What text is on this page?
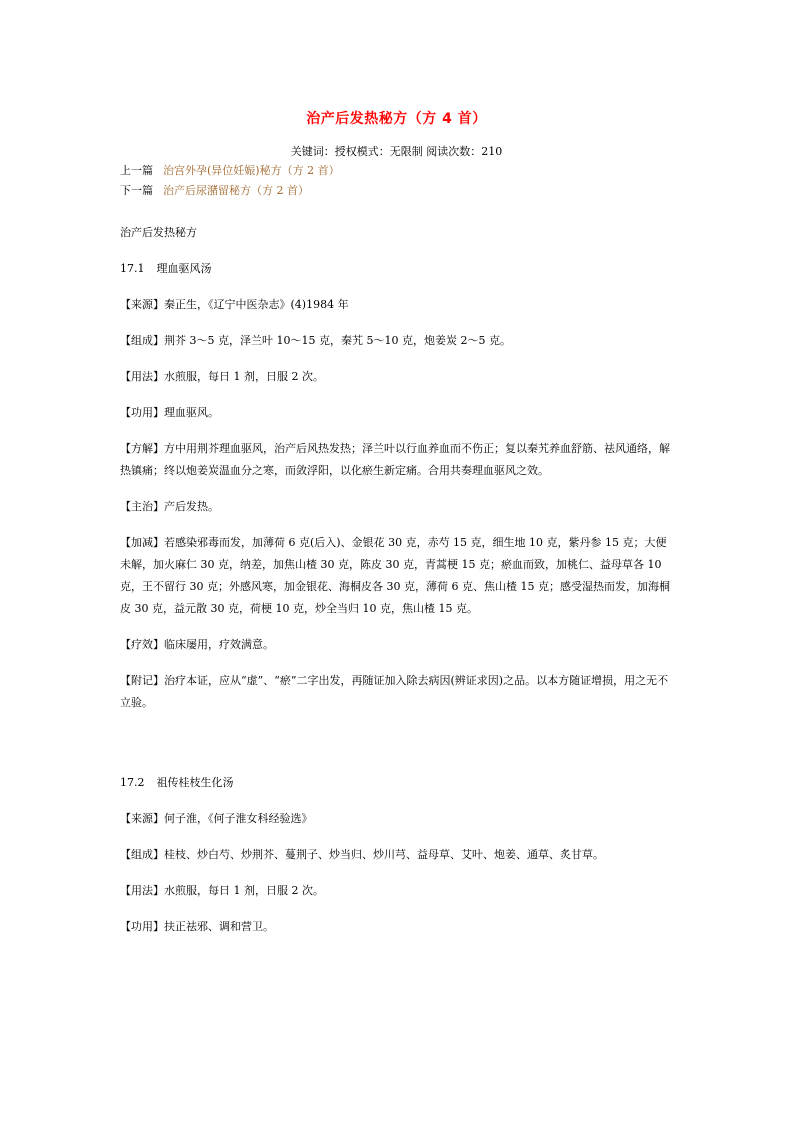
治产后发热秘方（方 4 首）
关键词：授权模式：无限制 阅读次数：210
上一篇 治宫外孕(异位妊娠)秘方（方 2 首）
下一篇 治产后尿潴留秘方（方 2 首）

治产后发热秘方

17.1 理血驱风汤

【来源】秦正生，《辽宁中医杂志》(4)1984 年

【组成】荆芥 3～5 克，泽兰叶 10～15 克，秦艽 5～10 克，炮姜炭 2～5 克。

【用法】水煎服，每日 1 剂，日服 2 次。

【功用】理血驱风。

【方解】方中用荆芥理血驱风，治产后风热发热；泽兰叶以行血养血而不伤正；复以秦艽养血舒筋、祛风通络，解热镇痛；终以炮姜炭温血分之寒，而敛浮阳，以化瘀生新定痛。合用共奏理血驱风之效。

【主治】产后发热。

【加减】若感染邪毒而发，加薄荷 6 克(后入)、金银花 30 克，赤芍 15 克，细生地 10 克，紫丹参 15 克；大便未解，加火麻仁 30 克，纳差，加焦山楂 30 克，陈皮 30 克，青蒿梗 15 克；瘀血而致，加桃仁、益母草各 10 克，王不留行 30 克；外感风寒，加金银花、海桐皮各 30 克，薄荷 6 克、焦山楂 15 克；感受湿热而发，加海桐皮 30 克，益元散 30 克，荷梗 10 克，炒全当归 10 克，焦山楂 15 克。

【疗效】临床屡用，疗效满意。

【附记】治疗本证，应从“虚”、“瘀”二字出发，再随证加入除去病因(辨证求因)之品。以本方随证增损，用之无不立验。

17.2 祖传桂枝生化汤

【来源】何子淮，《何子淮女科经验选》

【组成】桂枝、炒白芍、炒荆芥、蔓荆子、炒当归、炒川芎、益母草、艾叶、炮姜、通草、炙甘草。

【用法】水煎服，每日 1 剂，日服 2 次。

【功用】扶正祛邪、调和营卫。
